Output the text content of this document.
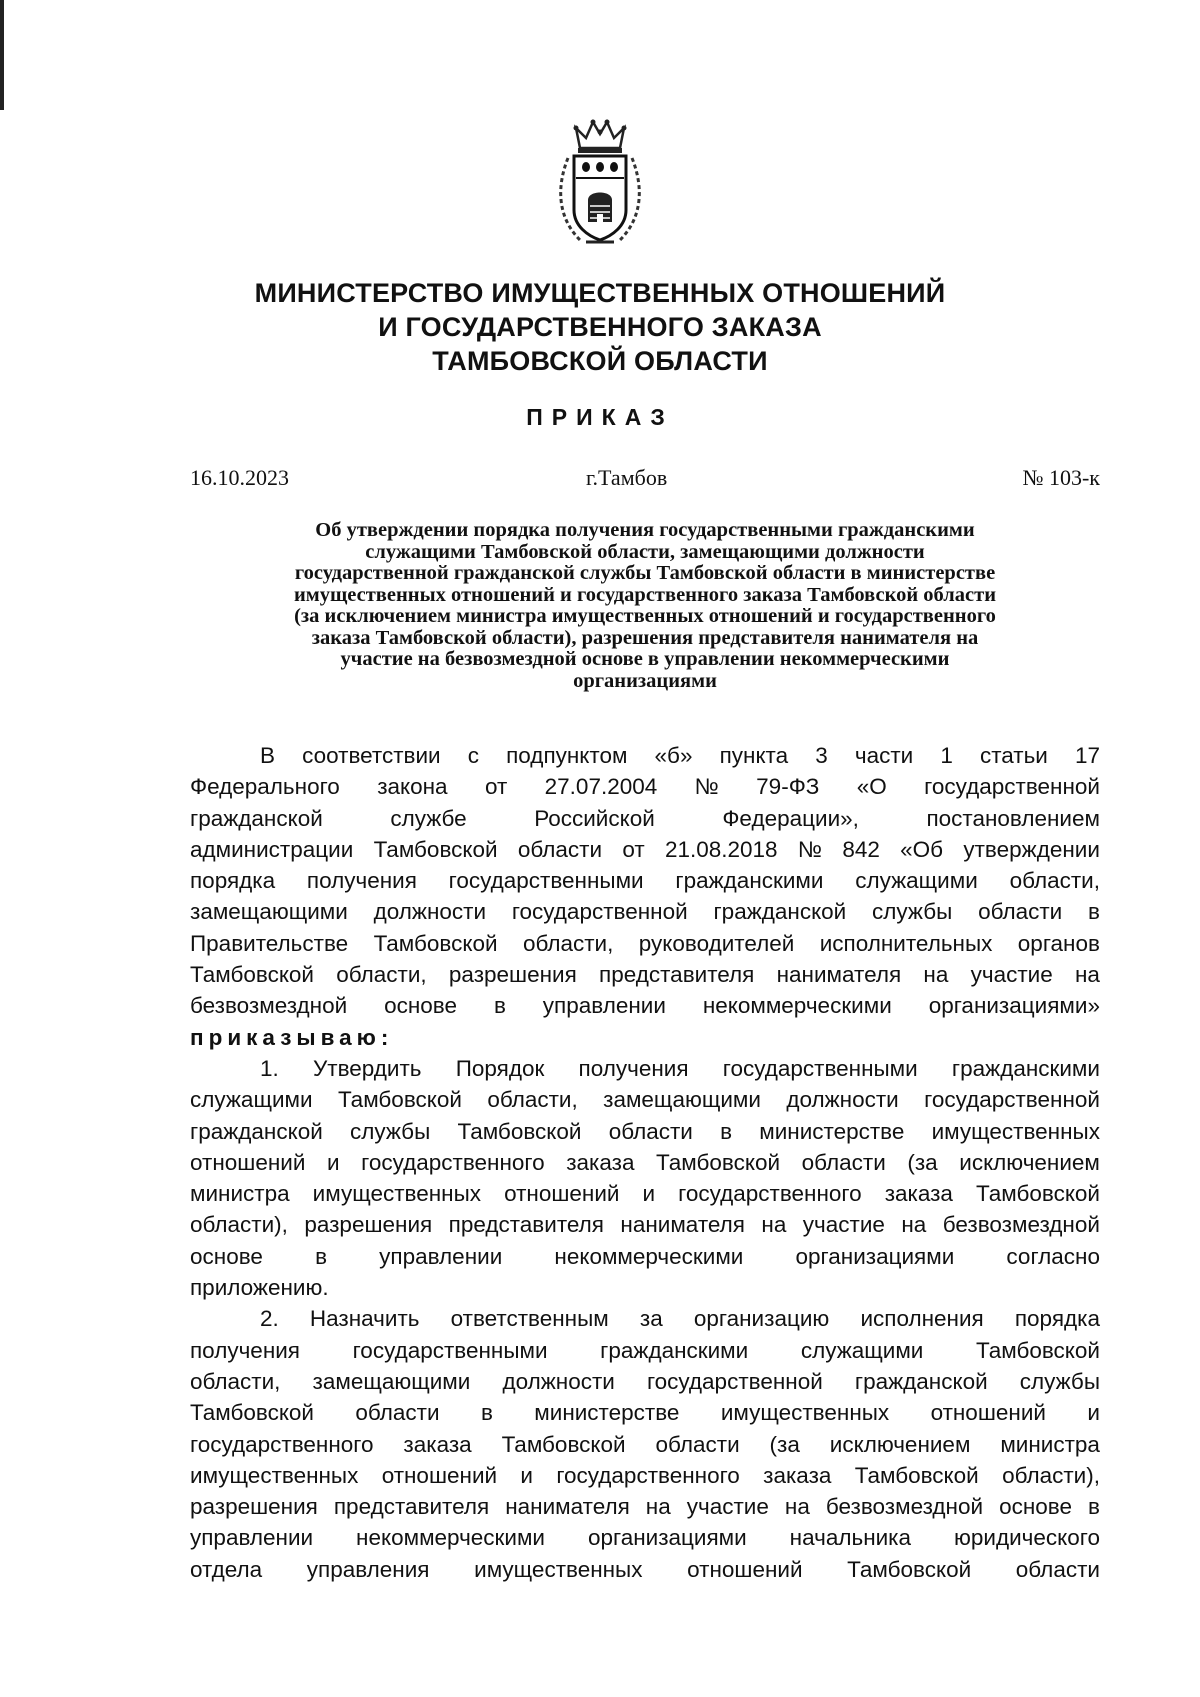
МИНИСТЕРСТВО ИМУЩЕСТВЕННЫХ ОТНОШЕНИЙ
И ГОСУДАРСТВЕННОГО ЗАКАЗА
ТАМБОВСКОЙ ОБЛАСТИ
ПРИКАЗ
16.10.2023	г.Тамбов	№ 103-к
Об утверждении порядка получения государственными гражданскими
служащими Тамбовской области, замещающими должности
государственной гражданской службы Тамбовской области в министерстве
имущественных отношений и государственного заказа Тамбовской области
(за исключением министра имущественных отношений и государственного
заказа Тамбовской области), разрешения представителя нанимателя на
участие на безвозмездной основе в управлении некоммерческими
организациями
В соответствии с подпунктом «б» пункта 3 части 1 статьи 17
Федерального закона от 27.07.2004 № 79-ФЗ «О государственной
гражданской	службе	Российской	Федерации»,	постановлением
администрации Тамбовской области от 21.08.2018 № 842 «Об утверждении
порядка получения государственными гражданскими служащими области,
замещающими должности государственной гражданской службы области в
Правительстве Тамбовской области, руководителей исполнительных органов
Тамбовской области, разрешения представителя нанимателя на участие на
безвозмездной основе в управлении некоммерческими организациями»
приказываю:
1. Утвердить Порядок получения государственными гражданскими
служащими Тамбовской области, замещающими должности государственной
гражданской службы Тамбовской области в министерстве имущественных
отношений и государственного заказа Тамбовской области (за исключением
министра имущественных отношений и государственного заказа Тамбовской
области), разрешения представителя нанимателя на участие на безвозмездной
основе в управлении некоммерческими организациями согласно
приложению.
2. Назначить ответственным за организацию исполнения порядка
получения государственными гражданскими служащими Тамбовской
области, замещающими должности государственной гражданской службы
Тамбовской области в министерстве имущественных отношений и
государственного заказа Тамбовской области (за исключением министра
имущественных отношений и государственного заказа Тамбовской области),
разрешения представителя нанимателя на участие на безвозмездной основе в
управлении некоммерческими организациями начальника юридического
отдела управления имущественных отношений Тамбовской области
